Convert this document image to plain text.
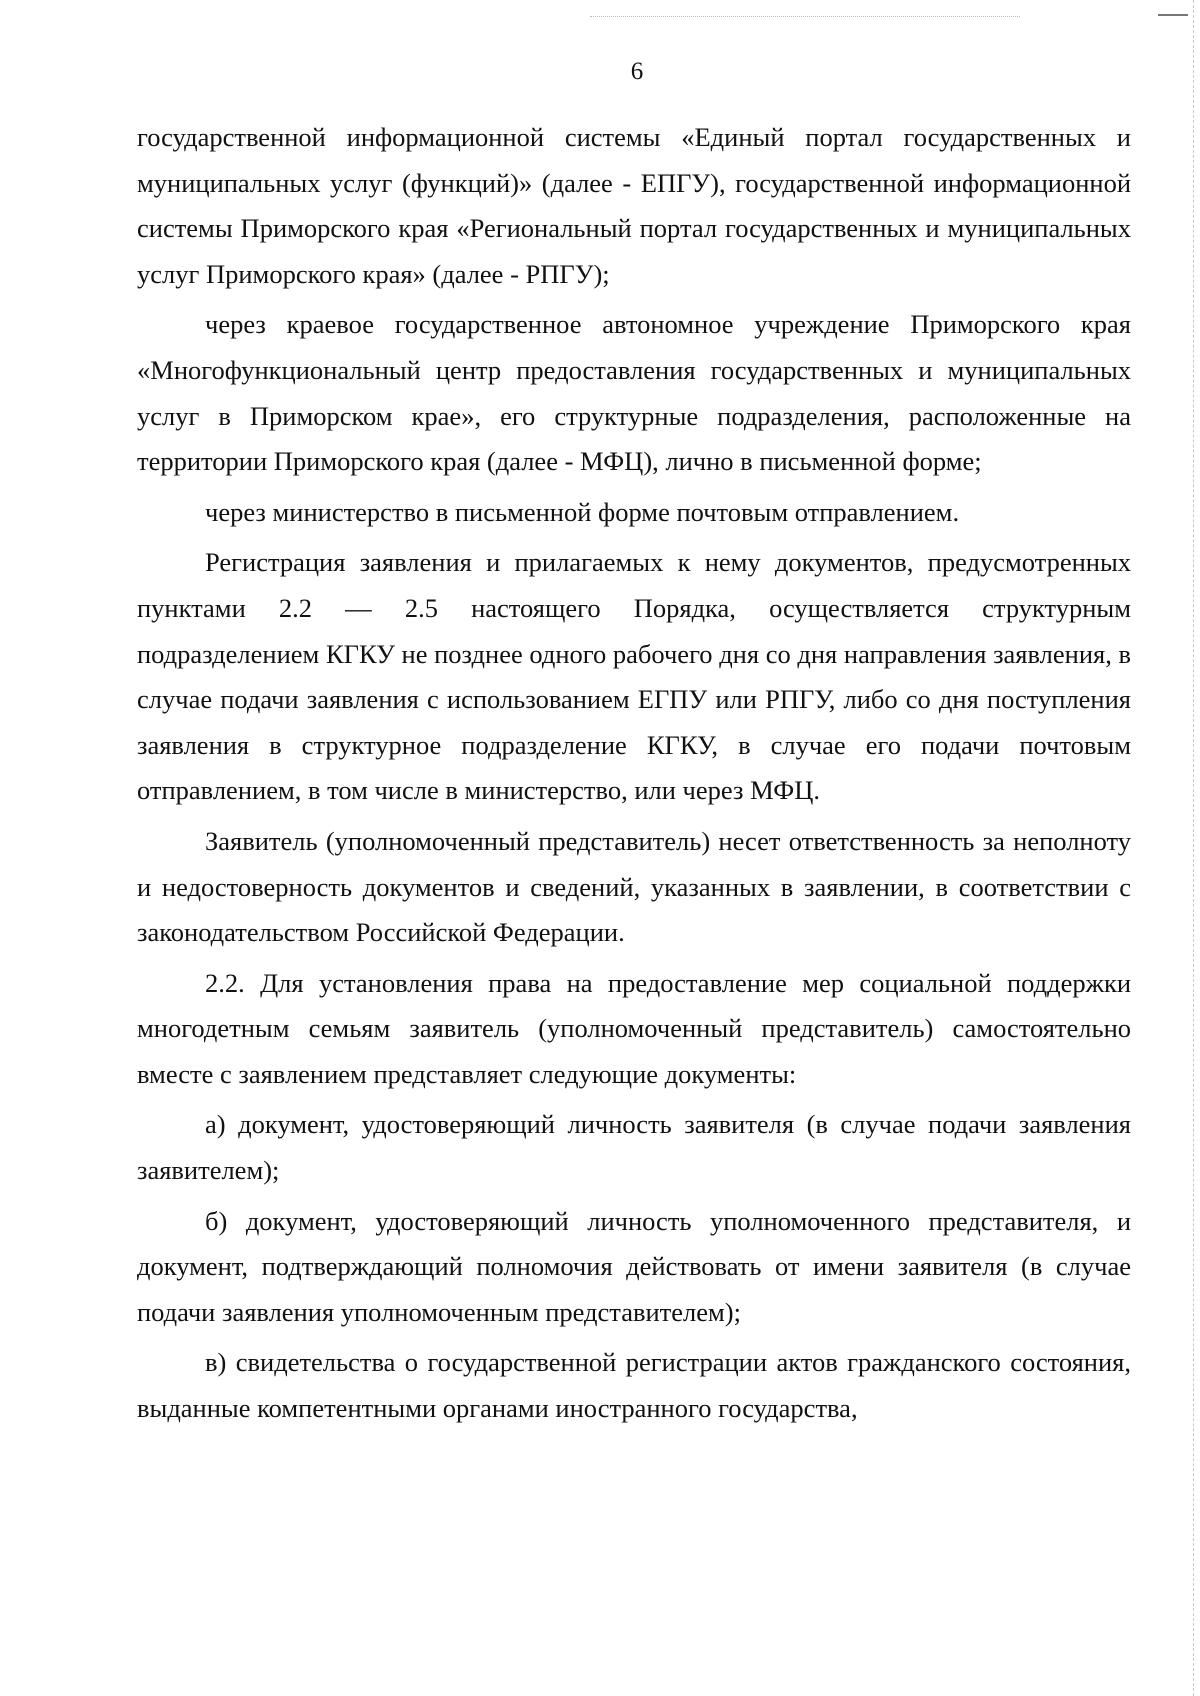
6

государственной информационной системы «Единый портал государственных и муниципальных услуг (функций)» (далее - ЕПГУ), государственной информационной системы Приморского края «Региональный портал государственных и муниципальных услуг Приморского края» (далее - РПГУ);

через краевое государственное автономное учреждение Приморского края «Многофункциональный центр предоставления государственных и муниципальных услуг в Приморском крае», его структурные подразделения, расположенные на территории Приморского края (далее - МФЦ), лично в письменной форме;

через министерство в письменной форме почтовым отправлением.

Регистрация заявления и прилагаемых к нему документов, предусмотренных пунктами 2.2 — 2.5 настоящего Порядка, осуществляется структурным подразделением КГКУ не позднее одного рабочего дня со дня направления заявления, в случае подачи заявления с использованием ЕГПУ или РПГУ, либо со дня поступления заявления в структурное подразделение КГКУ, в случае его подачи почтовым отправлением, в том числе в министерство, или через МФЦ.

Заявитель (уполномоченный представитель) несет ответственность за неполноту и недостоверность документов и сведений, указанных в заявлении, в соответствии с законодательством Российской Федерации.

2.2. Для установления права на предоставление мер социальной поддержки многодетным семьям заявитель (уполномоченный представитель) самостоятельно вместе с заявлением представляет следующие документы:

а) документ, удостоверяющий личность заявителя (в случае подачи заявления заявителем);

б) документ, удостоверяющий личность уполномоченного представителя, и документ, подтверждающий полномочия действовать от имени заявителя (в случае подачи заявления уполномоченным представителем);

в) свидетельства о государственной регистрации актов гражданского состояния, выданные компетентными органами иностранного государства,
